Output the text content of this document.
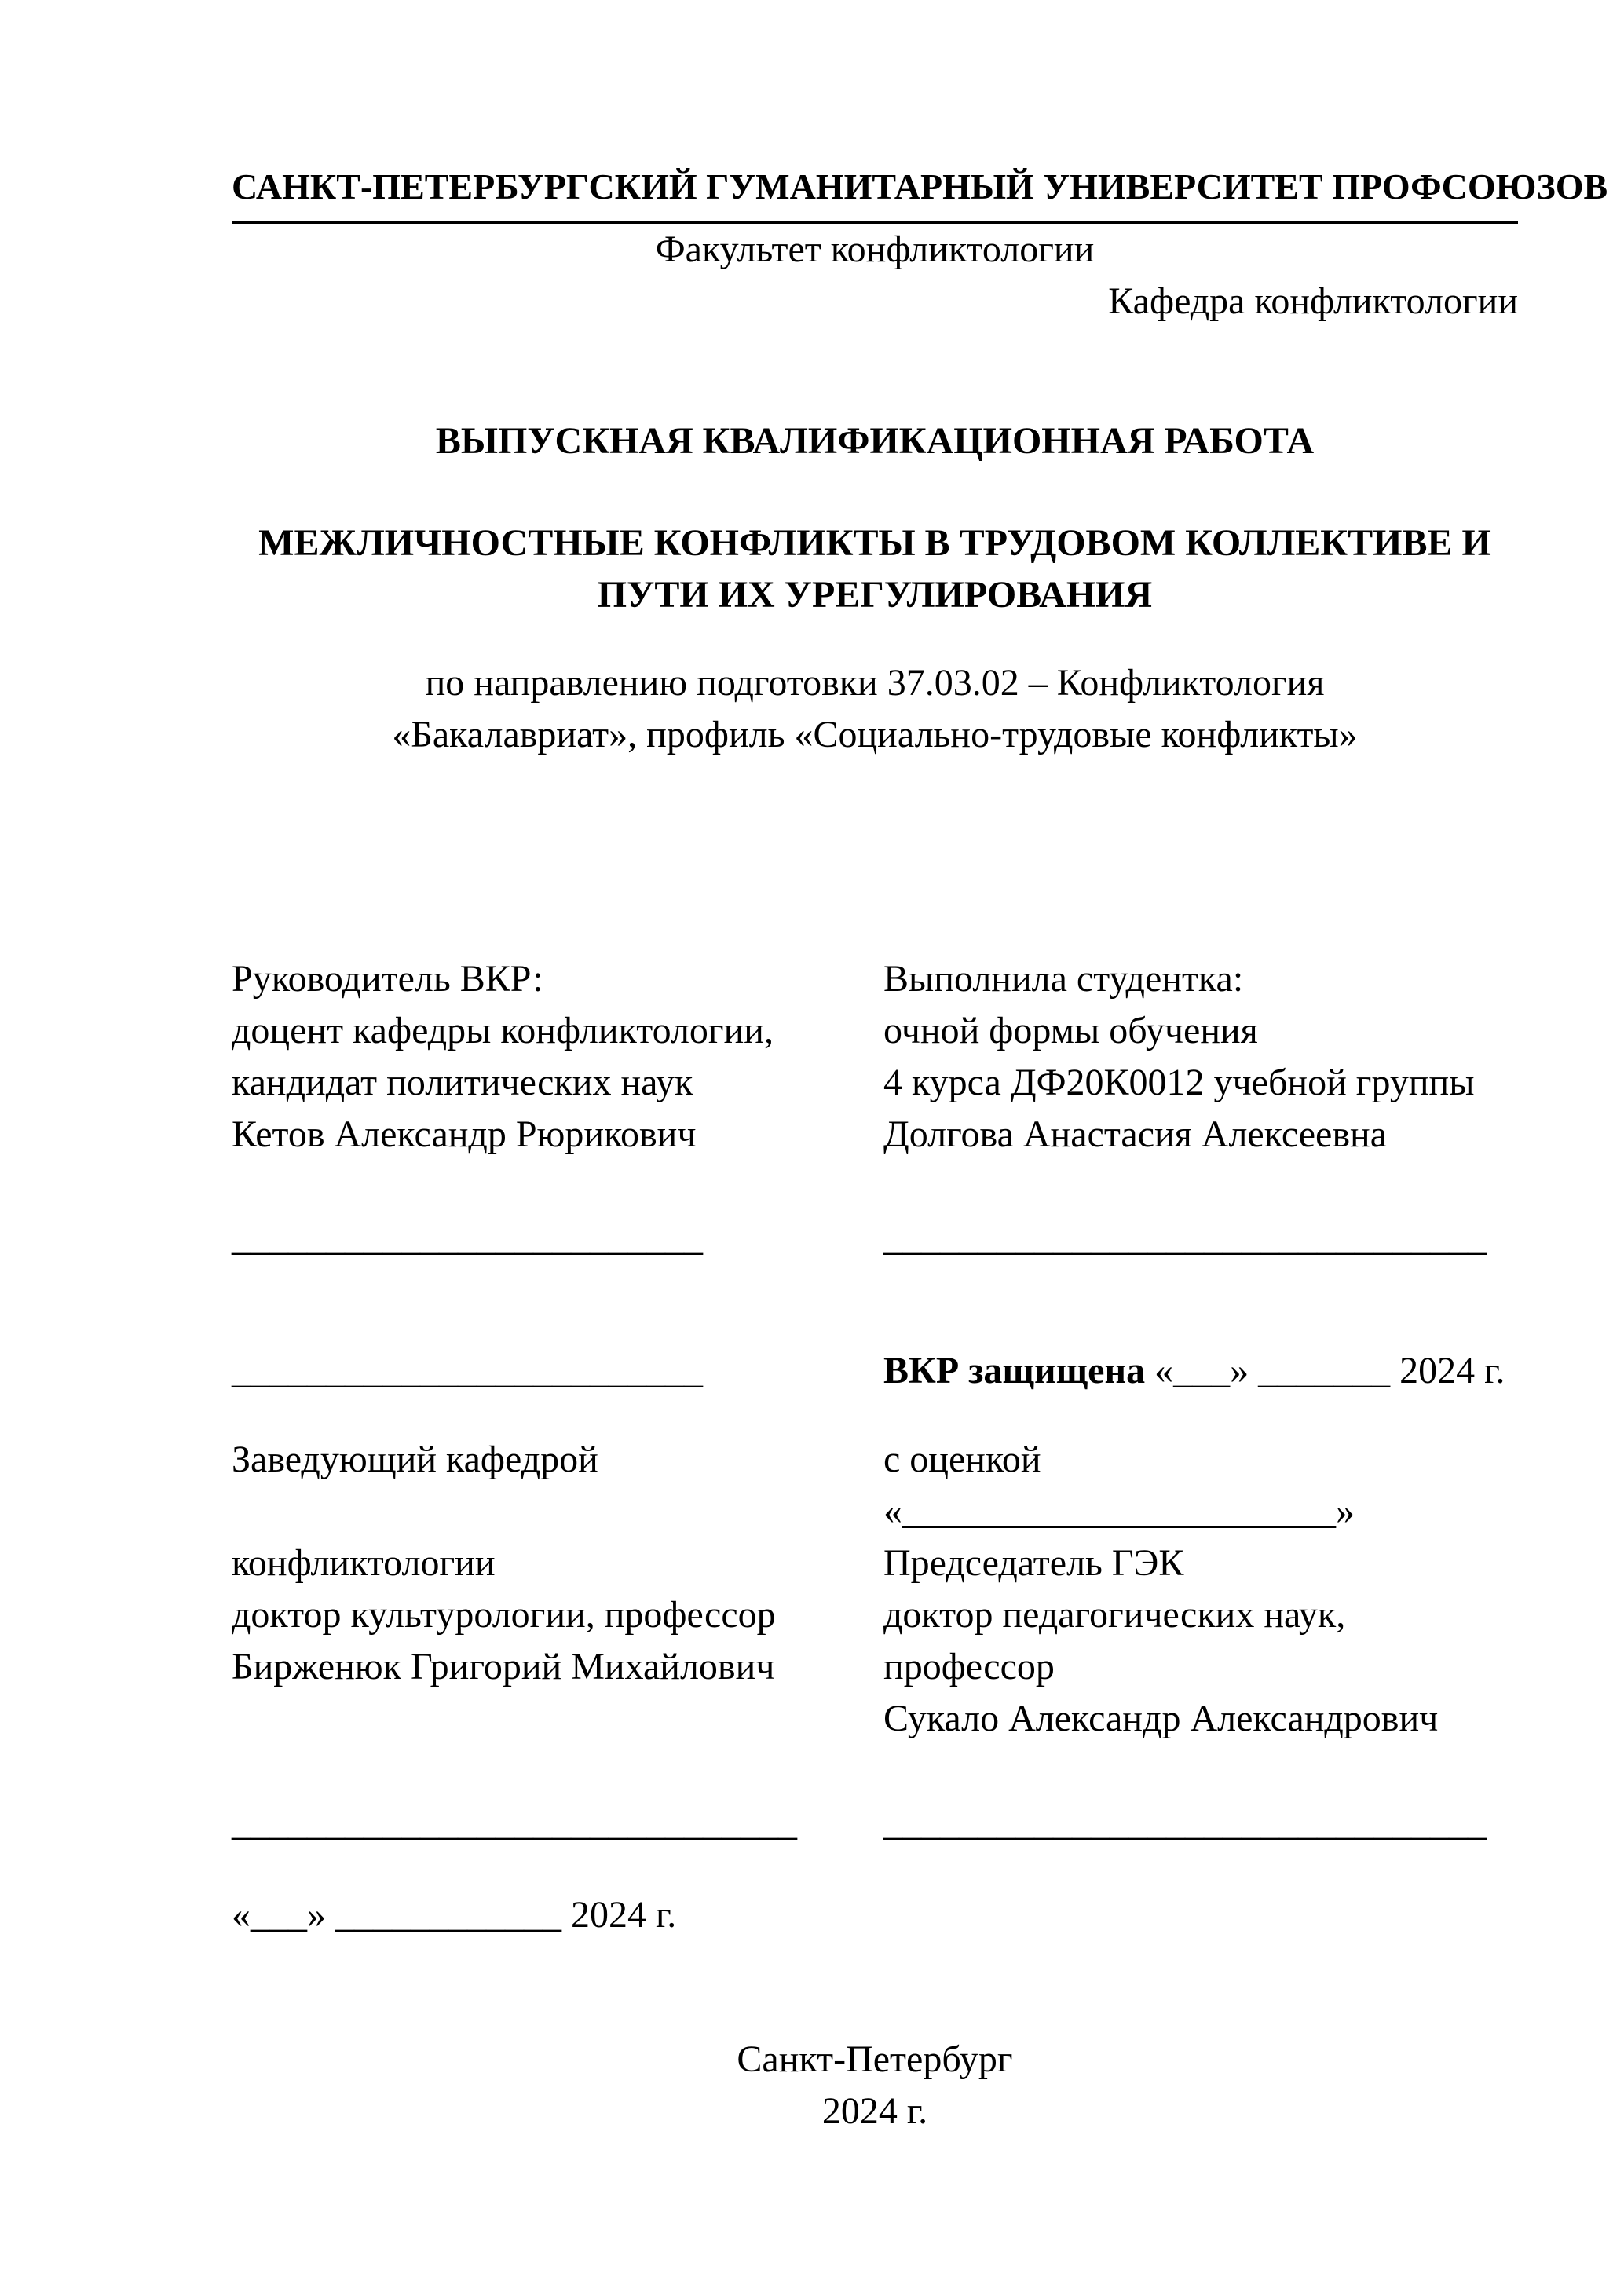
САНКТ-ПЕТЕРБУРГСКИЙ ГУМАНИТАРНЫЙ УНИВЕРСИТЕТ ПРОФСОЮЗОВ
Факультет конфликтологии
Кафедра конфликтологии
ВЫПУСКНАЯ КВАЛИФИКАЦИОННАЯ РАБОТА
МЕЖЛИЧНОСТНЫЕ КОНФЛИКТЫ В ТРУДОВОМ КОЛЛЕКТИВЕ И
ПУТИ ИХ УРЕГУЛИРОВАНИЯ
по направлению подготовки 37.03.02 – Конфликтология
«Бакалавриат», профиль «Социально-трудовые конфликты»
Руководитель ВКР:	Выполнила студентка:
доцент кафедры конфликтологии,	очной формы обучения
кандидат политических наук	4 курса ДФ20К0012 учебной группы
Кетов Александр Рюрикович	Долгова Анастасия Алексеевна
_________________________	________________________________
_________________________	ВКР защищена «___» _______ 2024 г.
Заведующий кафедрой	с оценкой «_______________________»
конфликтологии	Председатель ГЭК
доктор культурологии, профессор	доктор педагогических наук,
Бирженюк Григорий Михайлович	профессор
Сукало Александр Александрович
______________________________	________________________________
«___» ____________ 2024 г.
Санкт-Петербург
2024 г.
